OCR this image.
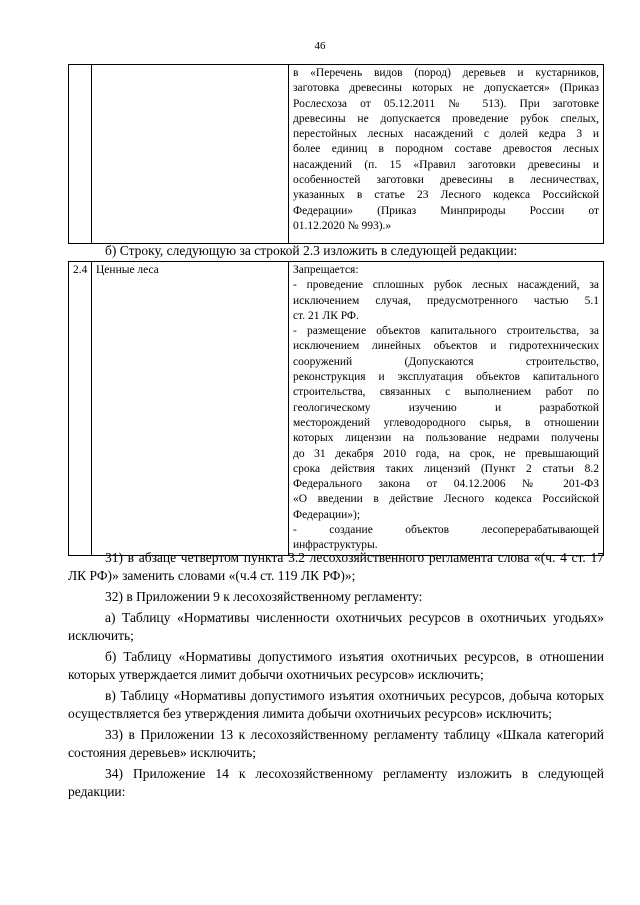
46

в «Перечень видов (пород) деревьев и кустарников,
заготовка древесины которых не допускается» (Приказ
Рослесхоза от 05.12.2011 № 513). При заготовке
древесины не допускается проведение рубок спелых,
перестойных лесных насаждений с долей кедра 3 и
более единиц в породном составе древостоя лесных
насаждений (п. 15 «Правил заготовки древесины и
особенностей заготовки древесины в лесничествах,
указанных в статье 23 Лесного кодекса Российской
Федерации» (Приказ Минприроды России от
01.12.2020 № 993).»
б) Строку, следующую за строкой 2.3 изложить в следующей редакции:
2.4	Ценные леса	Запрещается:
- проведение сплошных рубок лесных насаждений, за
исключением случая, предусмотренного частью 5.1
ст. 21 ЛК РФ.
- размещение объектов капитального строительства, за
исключением линейных объектов и гидротехнических
сооружений (Допускаются строительство,
реконструкция и эксплуатация объектов капитального
строительства, связанных с выполнением работ по
геологическому изучению и разработкой
месторождений углеводородного сырья, в отношении
которых лицензии на пользование недрами получены
до 31 декабря 2010 года, на срок, не превышающий
срока действия таких лицензий (Пункт 2 статьи 8.2
Федерального закона от 04.12.2006 № 201-ФЗ
«О введении в действие Лесного кодекса Российской
Федерации»);
- создание объектов лесоперерабатывающей
инфраструктуры.

31) в абзаце четвертом пункта 3.2 лесохозяйственного регламента слова «(ч. 4 ст. 17 ЛК РФ)» заменить словами «(ч.4 ст. 119 ЛК РФ)»;

32) в Приложении 9 к лесохозяйственному регламенту:

а) Таблицу «Нормативы численности охотничьих ресурсов в охотничьих угодьях» исключить;

б) Таблицу «Нормативы допустимого изъятия охотничьих ресурсов, в отношении которых утверждается лимит добычи охотничьих ресурсов» исключить;

в) Таблицу «Нормативы допустимого изъятия охотничьих ресурсов, добыча которых осуществляется без утверждения лимита добычи охотничьих ресурсов» исключить;

33) в Приложении 13 к лесохозяйственному регламенту таблицу «Шкала категорий состояния деревьев» исключить;

34) Приложение 14 к лесохозяйственному регламенту изложить в следующей редакции:
